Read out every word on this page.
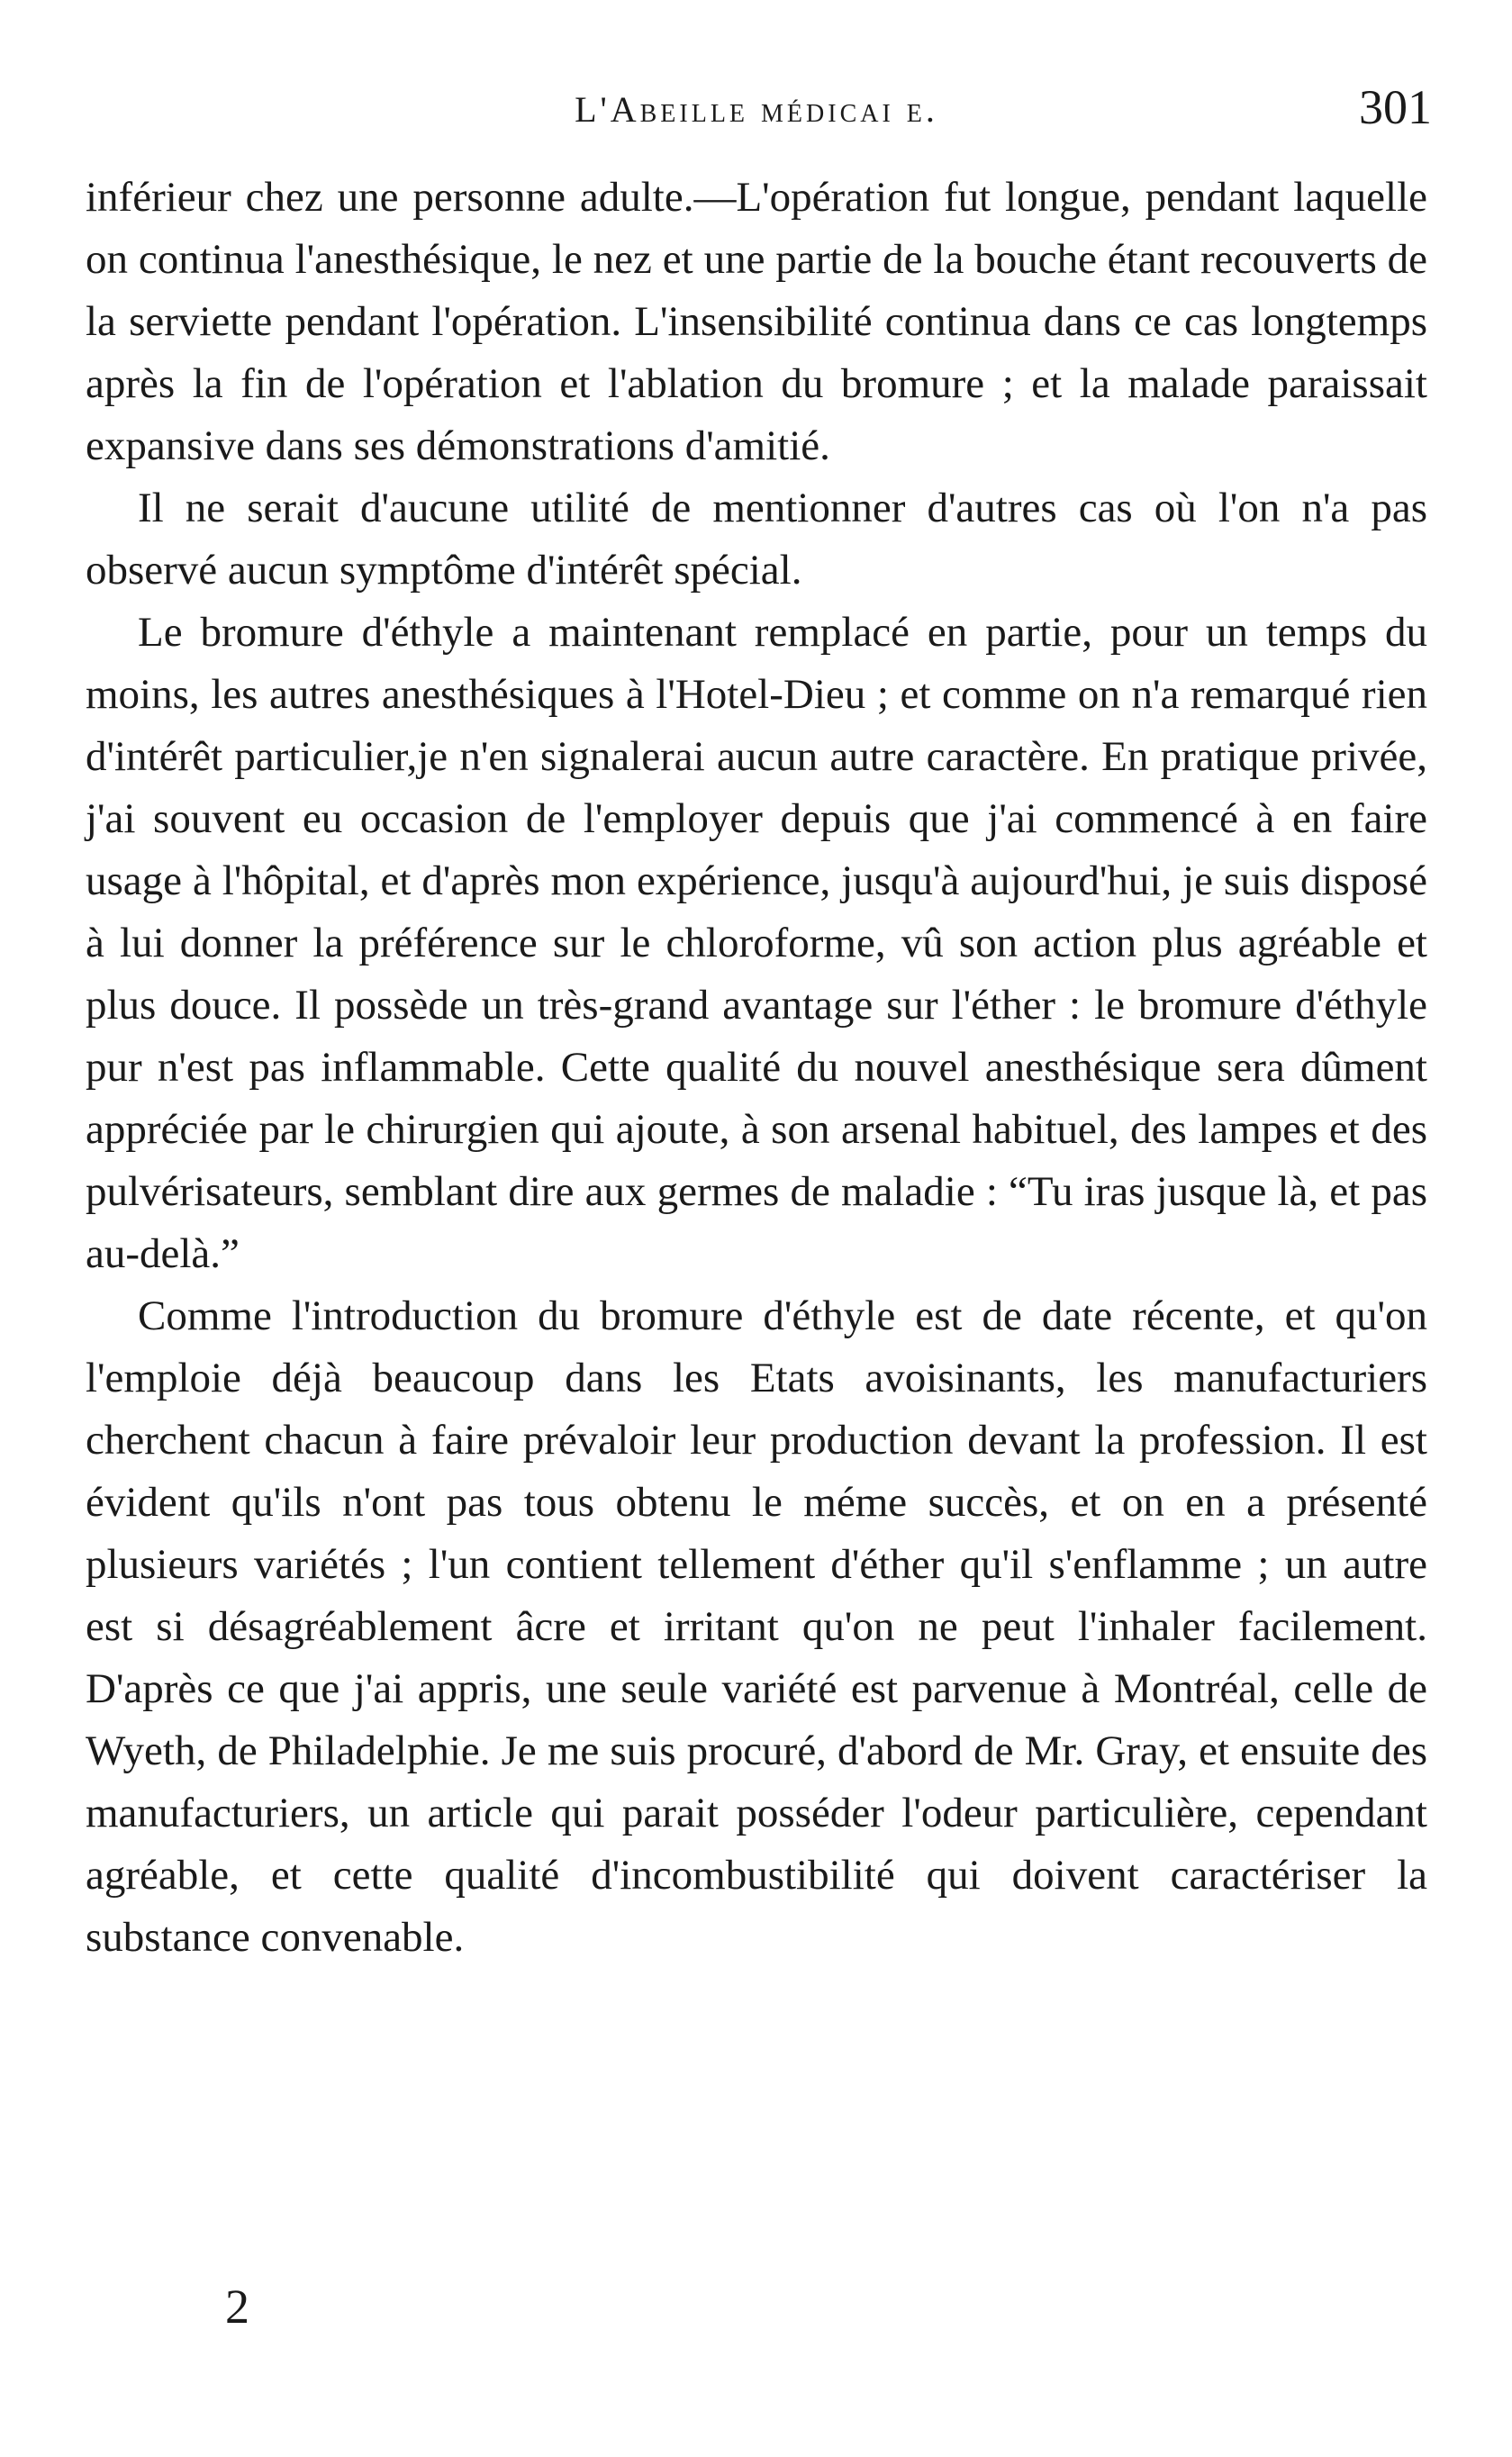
L'Abeille médicai e.	301

inférieur chez une personne adulte.—L'opération fut longue, pendant laquelle on continua l'anesthésique, le nez et une partie de la bouche étant recouverts de la serviette pendant l'opération. L'insensibilité continua dans ce cas longtemps après la fin de l'opération et l'ablation du bromure ; et la malade paraissait expansive dans ses démonstrations d'amitié.

Il ne serait d'aucune utilité de mentionner d'autres cas où l'on n'a pas observé aucun symptôme d'intérêt spécial.

Le bromure d'éthyle a maintenant remplacé en partie, pour un temps du moins, les autres anesthésiques à l'Hotel-Dieu ; et comme on n'a remarqué rien d'intérêt particulier,je n'en signalerai aucun autre caractère. En pratique privée, j'ai souvent eu occasion de l'employer depuis que j'ai commencé à en faire usage à l'hôpital, et d'après mon expérience, jusqu'à aujourd'hui, je suis disposé à lui donner la préférence sur le chloroforme, vû son action plus agréable et plus douce. Il possède un très-grand avantage sur l'éther : le bromure d'éthyle pur n'est pas inflammable. Cette qualité du nouvel anesthésique sera dûment appréciée par le chirurgien qui ajoute, à son arsenal habituel, des lampes et des pulvérisateurs, semblant dire aux germes de maladie : “Tu iras jusque là, et pas au-delà.”

Comme l'introduction du bromure d'éthyle est de date récente, et qu'on l'emploie déjà beaucoup dans les Etats avoisinants, les manufacturiers cherchent chacun à faire prévaloir leur production devant la profession. Il est évident qu'ils n'ont pas tous obtenu le méme succès, et on en a présenté plusieurs variétés ; l'un contient tellement d'éther qu'il s'enflamme ; un autre est si désagréablement âcre et irritant qu'on ne peut l'inhaler facilement. D'après ce que j'ai appris, une seule variété est parvenue à Montréal, celle de Wyeth, de Philadelphie. Je me suis procuré, d'abord de Mr. Gray, et ensuite des manufacturiers, un article qui parait posséder l'odeur particulière, cependant agréable, et cette qualité d'incombustibilité qui doivent caractériser la substance convenable.

2
